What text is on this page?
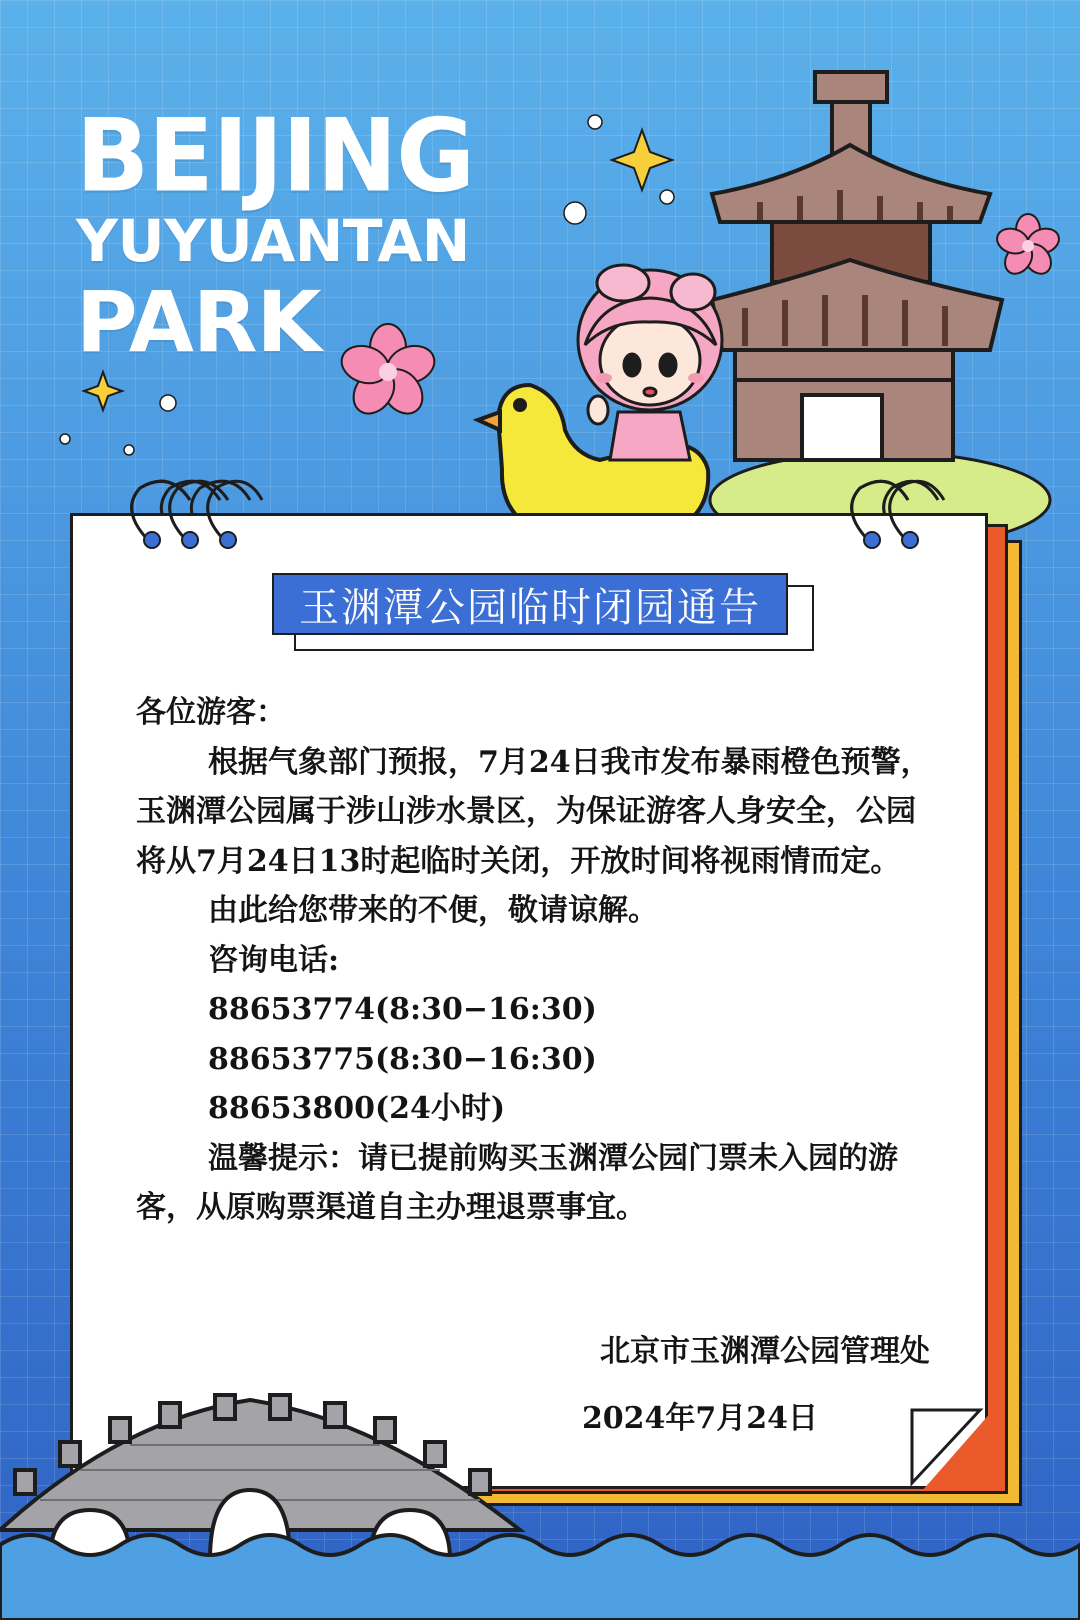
BEIJING
YUYUANTAN
PARK
玉渊潭公园临时闭园通告

各位游客：

根据气象部门预报，7月24日我市发布暴雨橙色预警，玉渊潭公园属于涉山涉水景区，为保证游客人身安全，公园将从7月24日13时起临时关闭，开放时间将视雨情而定。

由此给您带来的不便，敬请谅解。

咨询电话:

88653774(8:30−16:30)

88653775(8:30−16:30)

88653800(24小时)

温馨提示：请已提前购买玉渊潭公园门票未入园的游客，从原购票渠道自主办理退票事宜。

北京市玉渊潭公园管理处

2024年7月24日
